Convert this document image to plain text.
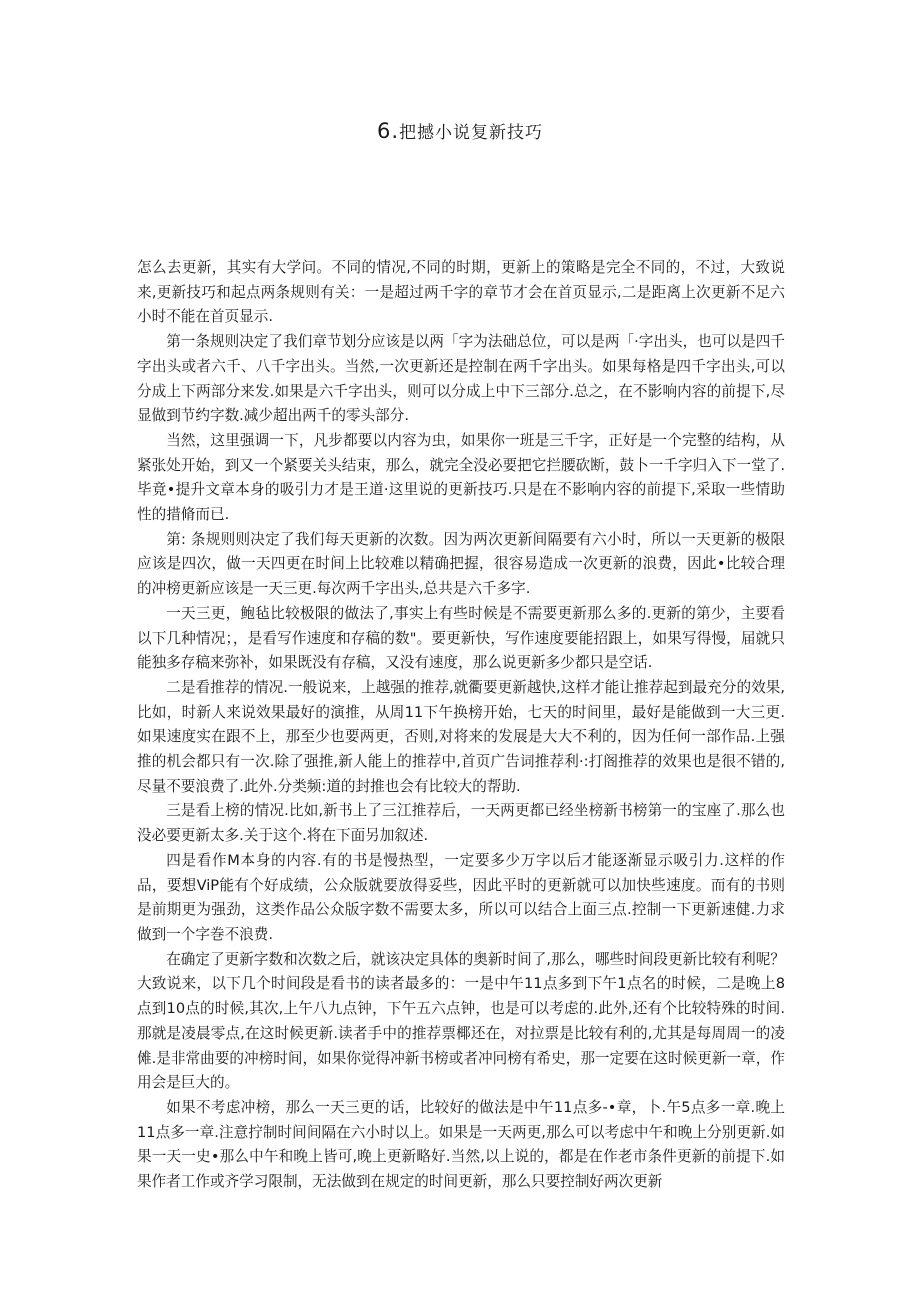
6.把撼小说复新技巧

怎么去更新，其实有大学问。不同的情况,不同的时期，更新上的策略是完全不同的，不过，大致说来,更新技巧和起点两条规则有关：一是超过两千字的章节才会在首页显示,二是距离上次更新不足六小时不能在首页显示.

第一条规则决定了我们章节划分应该是以两「字为法础总位，可以是两「·字出头，也可以是四千字出头或者六千、八千字出头。当然,一次更新还是控制在两千字出头。如果每格是四千字出头,可以分成上下两部分来发.如果是六千字出头，则可以分成上中下三部分.总之，在不影响内容的前提下,尽显做到节约字数.减少超出两千的零头部分.

当然，这里强调一下，凡步都要以内容为虫，如果你一班是三千字，正好是一个完整的结构，从紧张处开始，到又一个紧要关头结束，那么，就完全没必要把它拦腰砍断，鼓卜一千字归入下一堂了.毕竟•提升文章本身的吸引力才是王道·这里说的更新技巧.只是在不影响内容的前提下,采取一些情助性的措脩而已.

第: 条规则则决定了我们每天更新的次数。因为两次更新间隔要有六小时，所以一天更新的极限应该是四次，做一天四更在时间上比较难以精确把握，很容易造成一次更新的浪费，因此•比较合理的冲榜更新应该是一天三更.每次两千字出头,总共是六千多字.

一天三更，鲍毡比较极限的做法了,事实上有些时候是不需要更新那么多的.更新的第少，主要看以下几种情况；，是看写作速度和存稿的数"。要更新快，写作速度要能招跟上，如果写得慢，届就只能独多存稿来弥补，如果既没有存稿，又没有速度，那么说更新多少都只是空话.

二是看推荐的情况.一般说来，上越强的推荐,就衢要更新越快,这样才能让推荐起到最充分的效果,比如，时新人来说效果最好的演推，从周11下午换榜开始，七天的时间里，最好是能做到一大三更.如果速度实在跟不上，那至少也要两更，否则,对将来的发展是大大不利的，因为任何一部作品.上强推的机会都只有一次.除了强推,新人能上的推荐中,首页广告词推荐利·:打阁推荐的效果也是很不错的,尽量不要浪费了.此外.分类频:道的封推也会有比较大的帮助.

三是看上榜的情况.比如,新书上了三江推荐后，一天两更都已经坐榜新书榜第一的宝座了.那么也没必要更新太多.关于这个.将在下面另加叙述.

四是看作M本身的内容.有的书是慢热型，一定要多少万字以后才能逐渐显示吸引力.这样的作品，要想ViP能有个好成绩，公众版就要放得妥些，因此平时的更新就可以加快些速度。而有的书则是前期更为强劲，这类作品公众版字数不需要太多，所以可以结合上面三点.控制一下更新速健.力求做到一个字巻不浪费.

在确定了更新字数和次数之后，就该决定具体的奥新时间了,那么，哪些时间段更新比较有利呢？大致说来，以下几个时间段是看书的读者最多的：一是中午11点多到下午1点名的时候，二是晚上8点到10点的时候,其次,上午八九点钟，下午五六点钟，也是可以考虑的.此外,还有个比较特殊的时间.那就是凌晨零点,在这时候更新.读者手中的推荐票椰还在，对拉票是比较有利的,尤其是每周周一的凌傩.是非常曲要的冲榜时间，如果你觉得冲新书榜或者冲冋榜有希史，那一定要在这时候更新一章，作用会是巨大的。

如果不考虑冲榜，那么一天三更的话，比较好的做法是中午11点多-•章，卜.午5点多一章.晚上11点多一章.注意拧制时间间隔在六小时以上。如果是一天两更,那么可以考虑中午和晚上分别更新.如果一天一史•那么中午和晚上皆可,晚上更新略好.当然,以上说的，都是在作老市条件更新的前提下.如果作者工作或齐学习限制，无法做到在规定的时间更新，那么只要控制好两次更新
